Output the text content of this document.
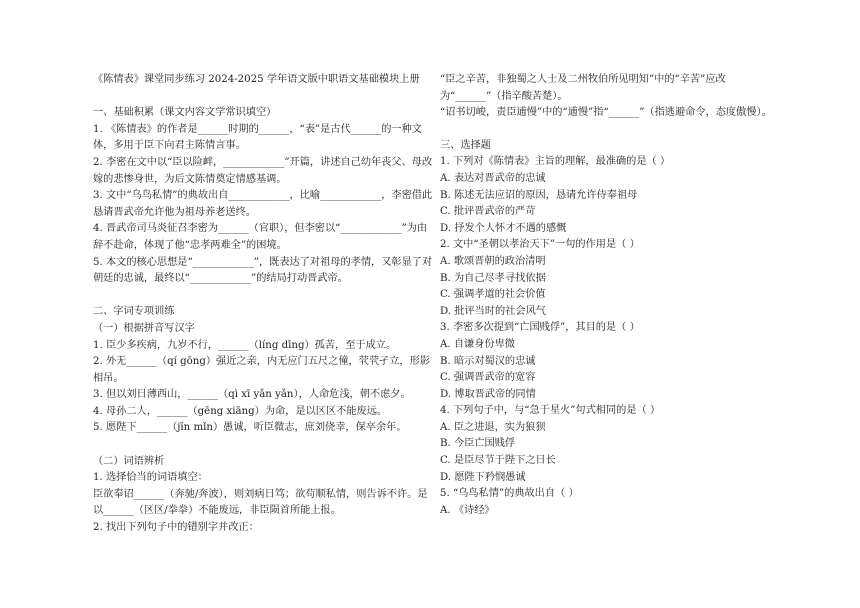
《陈情表》课堂同步练习 2024-2025 学年语文版中职语文基础模块上册

一、基础积累（课文内容文学常识填空）

1. 《陈情表》的作者是______时期的______，“表”是古代______的一种文体，多用于臣下向君主陈情言事。

2. 李密在文中以“臣以险衅，____________”开篇，讲述自己幼年丧父、母改嫁的悲惨身世，为后文陈情奠定情感基调。

3. 文中“乌鸟私情”的典故出自____________，比喻____________，李密借此恳请晋武帝允许他为祖母养老送终。

4. 晋武帝司马炎征召李密为______（官职），但李密以“____________”为由辞不赴命，体现了他“忠孝两难全”的困境。

5. 本文的核心思想是“____________”，既表达了对祖母的孝情，又彰显了对朝廷的忠诚，最终以“____________”的结局打动晋武帝。

二、字词专项训练

（一）根据拼音写汉字

1. 臣少多疾病，九岁不行，______（líng dīng）孤苦，至于成立。

2. 外无______（qí gōng）强近之亲，内无应门五尺之僮，茕茕孑立，形影相吊。

3. 但以刘日薄西山，______（qì xī yǎn yǎn），人命危浅，朝不虑夕。

4. 母孙二人，______（gēng xiāng）为命，是以区区不能废远。

5. 愿陛下______（jīn mǐn）愚诚，听臣微志，庶刘侥幸，保卒余年。

（二）词语辨析

1. 选择恰当的词语填空：

臣欲奉诏______（奔驰/奔波），则刘病日笃；欲苟顺私情，则告诉不许。是以______（区区/拳拳）不能废远，非臣陨首所能上报。

2. 找出下列句子中的错别字并改正：

“臣之辛苦，非独蜀之人士及二州牧伯所见明知”中的“辛苦”应改为“______”（指辛酸苦楚）。

“诏书切峻，责臣逋慢”中的“逋慢”指“______”（指逃避命令，态度傲慢）。

三、选择题

1. 下列对《陈情表》主旨的理解，最准确的是（ ）

A. 表达对晋武帝的忠诚

B. 陈述无法应诏的原因，恳请允许侍奉祖母

C. 批评晋武帝的严苛

D. 抒发个人怀才不遇的感慨

2. 文中“圣朝以孝治天下”一句的作用是（ ）

A. 歌颂晋朝的政治清明

B. 为自己尽孝寻找依据

C. 强调孝道的社会价值

D. 批评当时的社会风气

3. 李密多次提到“亡国贱俘”，其目的是（ ）

A. 自谦身份卑微

B. 暗示对蜀汉的忠诚

C. 强调晋武帝的宽容

D. 博取晋武帝的同情

4. 下列句子中，与“急于星火”句式相同的是（ ）

A. 臣之进退，实为狼狈

B. 今臣亡国贱俘

C. 是臣尽节于陛下之日长

D. 愿陛下矜悯愚诚

5. “乌鸟私情”的典故出自（ ）

A. 《诗经》
